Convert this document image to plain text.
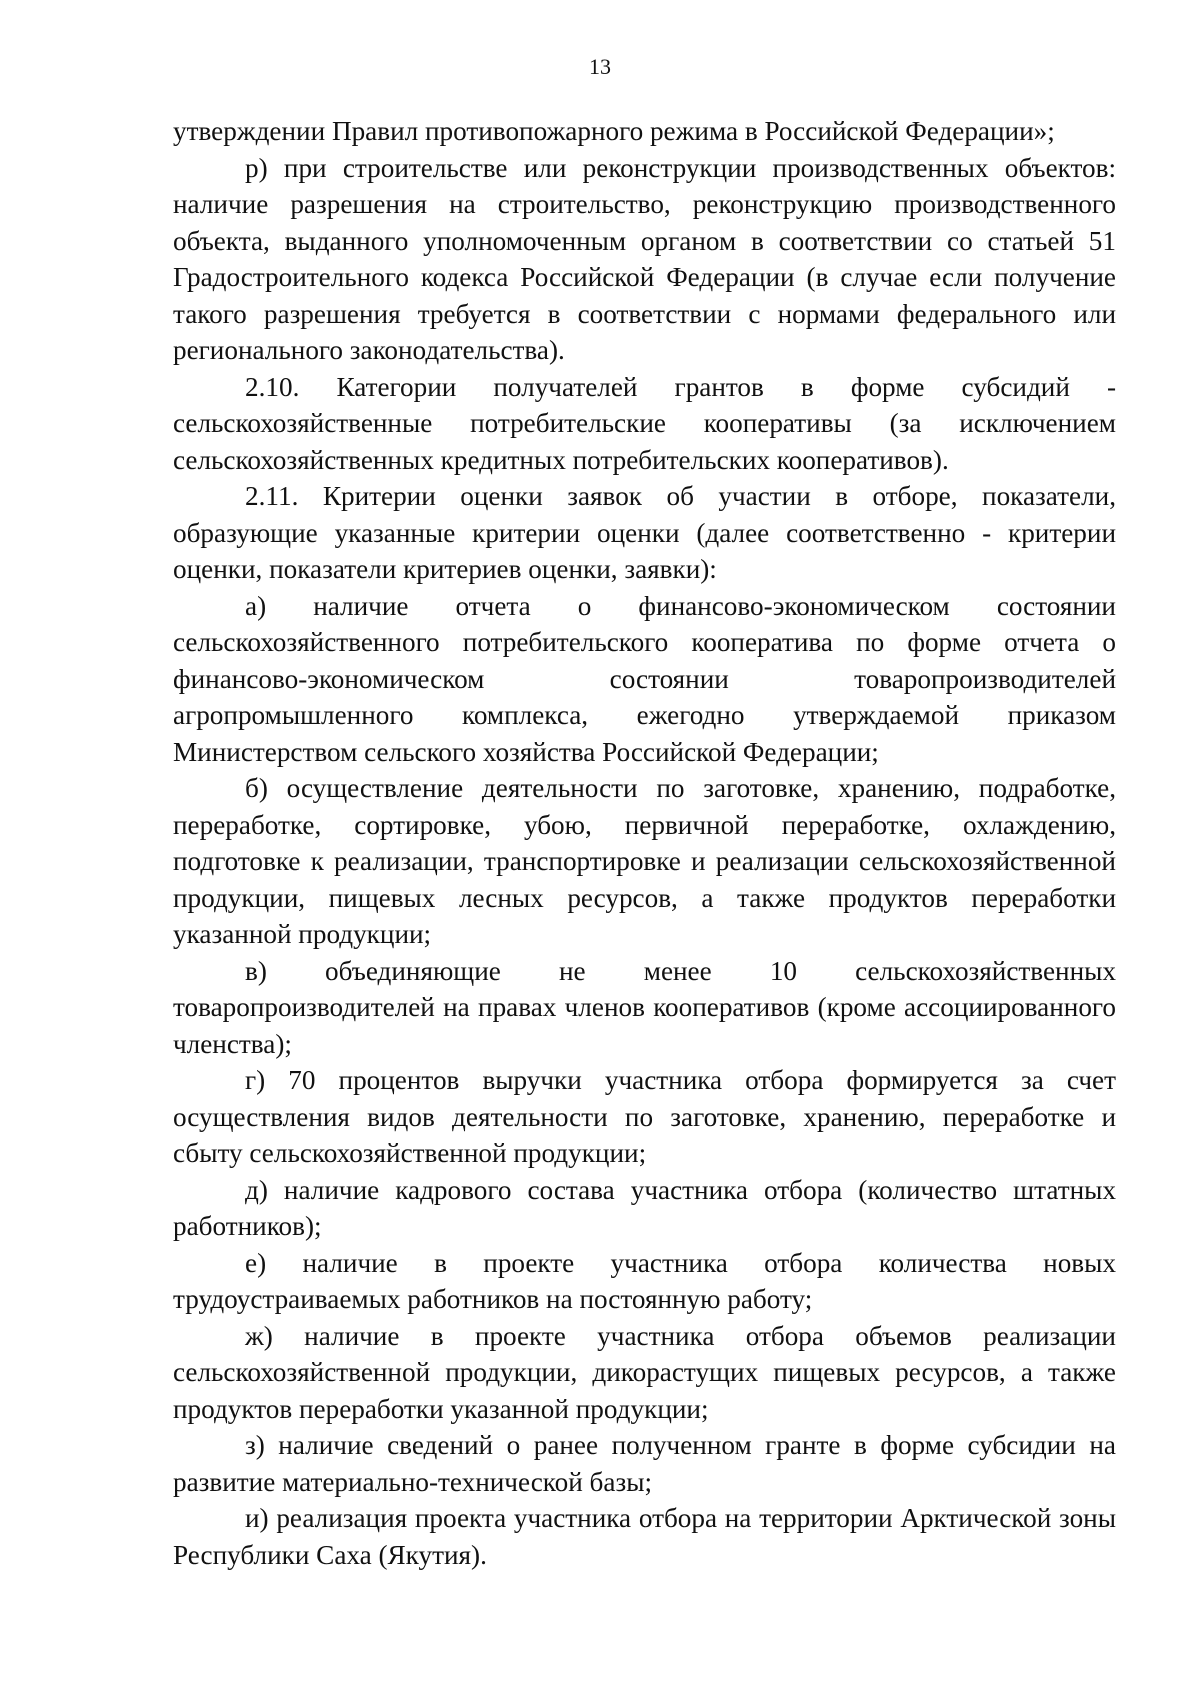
13

утверждении Правил противопожарного режима в Российской Федерации»;

р) при строительстве или реконструкции производственных объектов: наличие разрешения на строительство, реконструкцию производственного объекта, выданного уполномоченным органом в соответствии со статьей 51 Градостроительного кодекса Российской Федерации (в случае если получение такого разрешения требуется в соответствии с нормами федерального или регионального законодательства).

2.10. Категории получателей грантов в форме субсидий - сельскохозяйственные потребительские кооперативы (за исключением сельскохозяйственных кредитных потребительских кооперативов).

2.11. Критерии оценки заявок об участии в отборе, показатели, образующие указанные критерии оценки (далее соответственно - критерии оценки, показатели критериев оценки, заявки):

а) наличие отчета о финансово-экономическом состоянии сельскохозяйственного потребительского кооператива по форме отчета о финансово-экономическом состоянии товаропроизводителей агропромышленного комплекса, ежегодно утверждаемой приказом Министерством сельского хозяйства Российской Федерации;

б) осуществление деятельности по заготовке, хранению, подработке, переработке, сортировке, убою, первичной переработке, охлаждению, подготовке к реализации, транспортировке и реализации сельскохозяйственной продукции, пищевых лесных ресурсов, а также продуктов переработки указанной продукции;

в) объединяющие не менее 10 сельскохозяйственных товаропроизводителей на правах членов кооперативов (кроме ассоциированного членства);

г) 70 процентов выручки участника отбора формируется за счет осуществления видов деятельности по заготовке, хранению, переработке и сбыту сельскохозяйственной продукции;

д) наличие кадрового состава участника отбора (количество штатных работников);

е) наличие в проекте участника отбора количества новых трудоустраиваемых работников на постоянную работу;

ж) наличие в проекте участника отбора объемов реализации сельскохозяйственной продукции, дикорастущих пищевых ресурсов, а также продуктов переработки указанной продукции;

з) наличие сведений о ранее полученном гранте в форме субсидии на развитие материально-технической базы;

и) реализация проекта участника отбора на территории Арктической зоны Республики Саха (Якутия).
